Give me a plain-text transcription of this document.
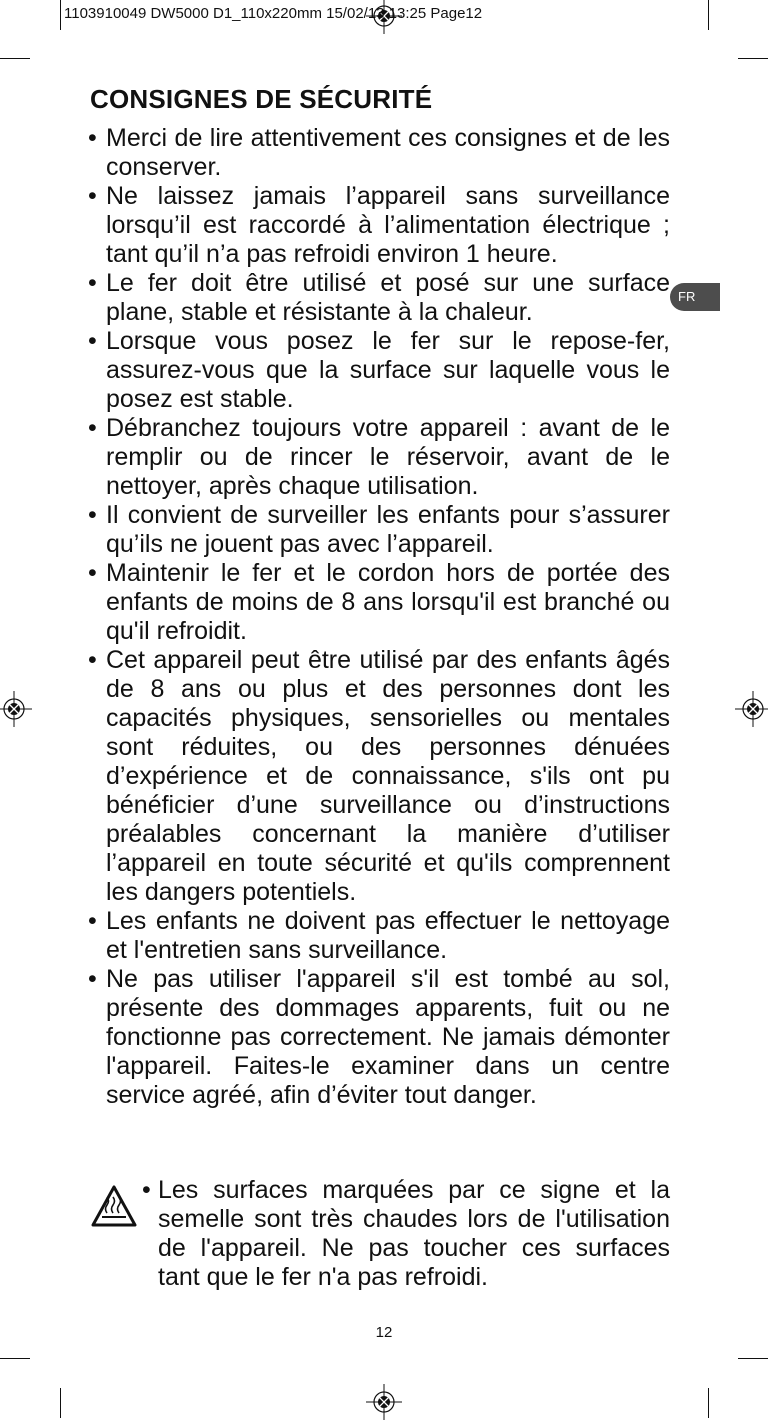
1103910049 DW5000 D1_110x220mm 15/02/13 13:25 Page12
CONSIGNES DE SÉCURITÉ
FR
• Merci de lire attentivement ces consignes et de les conserver.
• Ne laissez jamais l’appareil sans surveillance lorsqu’il est raccordé à l’alimentation électrique ; tant qu’il n’a pas refroidi environ 1 heure.
• Le fer doit être utilisé et posé sur une surface plane, stable et résistante à la chaleur.
• Lorsque vous posez le fer sur le repose-fer, assurez-vous que la surface sur laquelle vous le posez est stable.
• Débranchez toujours votre appareil : avant de le remplir ou de rincer le réservoir, avant de le nettoyer, après chaque utilisation.
• Il convient de surveiller les enfants pour s’assurer qu’ils ne jouent pas avec l’appareil.
• Maintenir le fer et le cordon hors de portée des enfants de moins de 8 ans lorsqu'il est branché ou qu'il refroidit.
• Cet appareil peut être utilisé par des enfants âgés de 8 ans ou plus et des personnes dont les capacités physiques, sensorielles ou mentales sont réduites, ou des personnes dénuées d’expérience et de connaissance, s'ils ont pu bénéficier d’une surveillance ou d’instructions préalables concernant la manière d’utiliser l’appareil en toute sécurité et qu'ils comprennent les dangers potentiels.
• Les enfants ne doivent pas effectuer le nettoyage et l'entretien sans surveillance.
• Ne pas utiliser l'appareil s'il est tombé au sol, présente des dommages apparents, fuit ou ne fonctionne pas correctement. Ne jamais démonter l'appareil. Faites-le examiner dans un centre service agréé, afin d’éviter tout danger.
• Les surfaces marquées par ce signe et la semelle sont très chaudes lors de l'utilisation de l'appareil. Ne pas toucher ces surfaces tant que le fer n'a pas refroidi.
12
